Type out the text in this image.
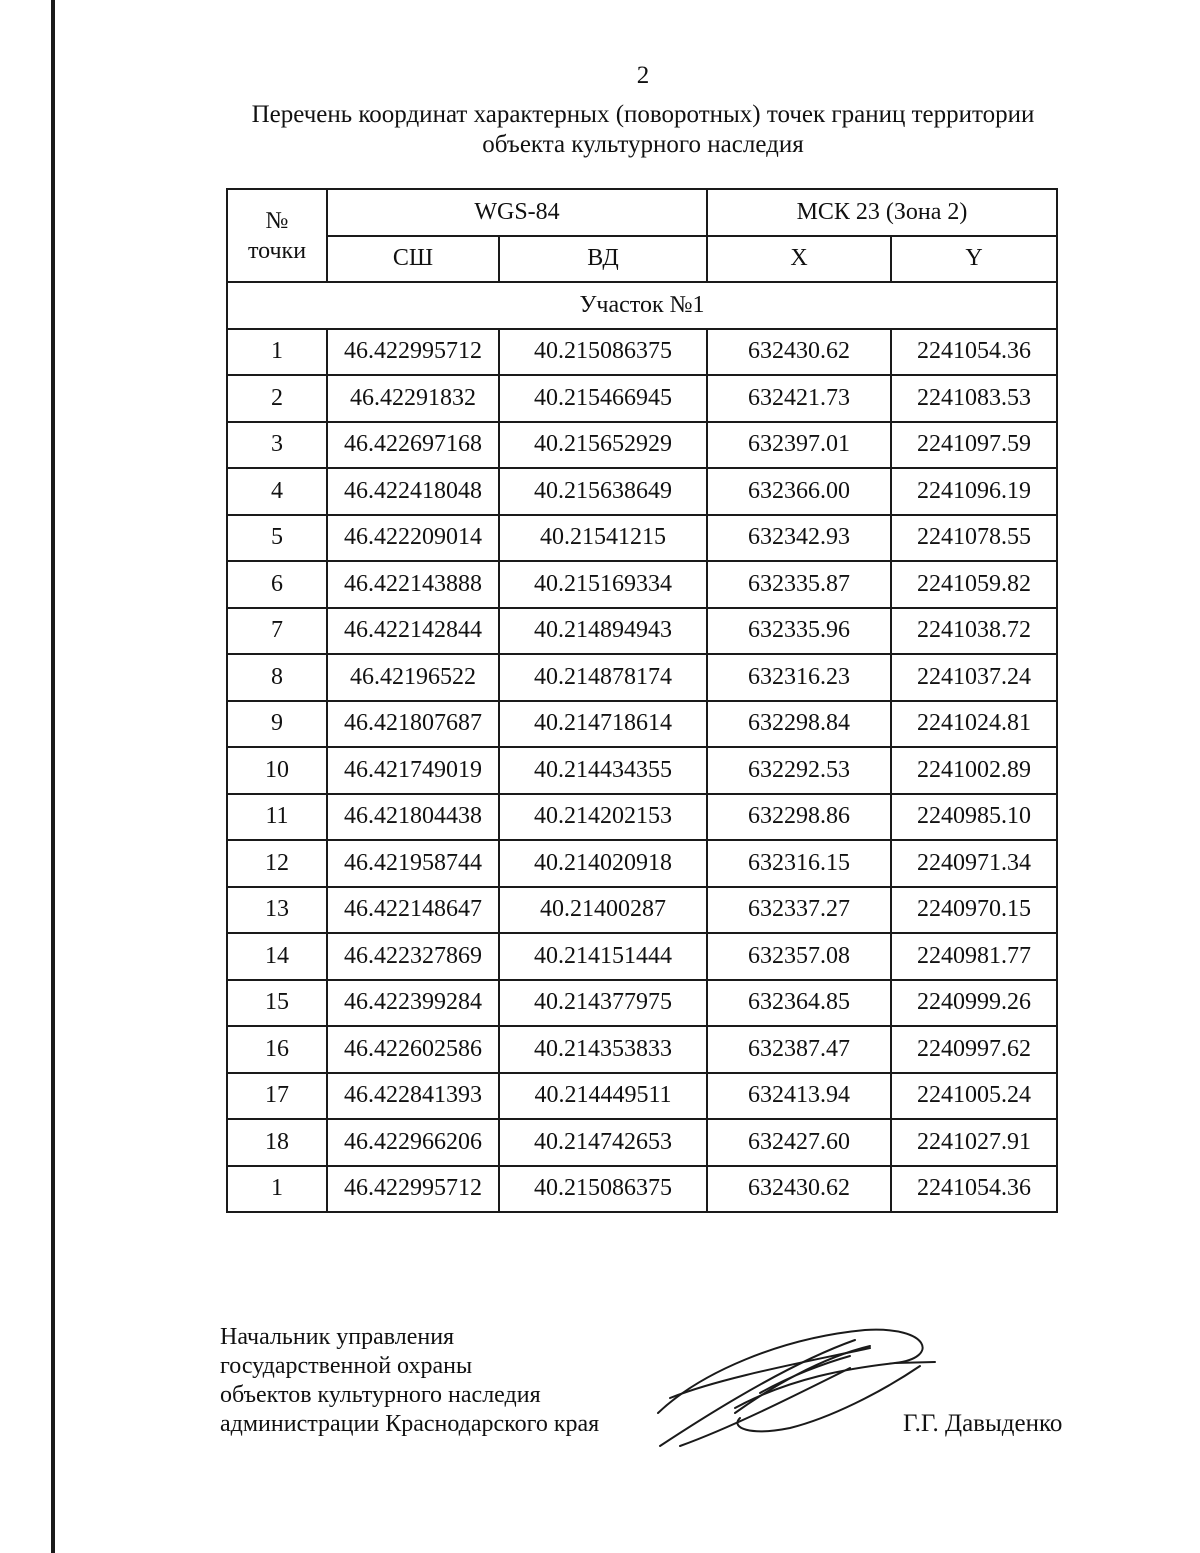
2
Перечень координат характерных (поворотных) точек границ территории
объекта культурного наследия
№
точки	WGS-84		МСК 23 (Зона 2)	
	СШ	ВД	X	Y
Участок №1				
1	46.422995712	40.215086375	632430.62	2241054.36
2	46.42291832	40.215466945	632421.73	2241083.53
3	46.422697168	40.215652929	632397.01	2241097.59
4	46.422418048	40.215638649	632366.00	2241096.19
5	46.422209014	40.21541215	632342.93	2241078.55
6	46.422143888	40.215169334	632335.87	2241059.82
7	46.422142844	40.214894943	632335.96	2241038.72
8	46.42196522	40.214878174	632316.23	2241037.24
9	46.421807687	40.214718614	632298.84	2241024.81
10	46.421749019	40.214434355	632292.53	2241002.89
11	46.421804438	40.214202153	632298.86	2240985.10
12	46.421958744	40.214020918	632316.15	2240971.34
13	46.422148647	40.21400287	632337.27	2240970.15
14	46.422327869	40.214151444	632357.08	2240981.77
15	46.422399284	40.214377975	632364.85	2240999.26
16	46.422602586	40.214353833	632387.47	2240997.62
17	46.422841393	40.214449511	632413.94	2241005.24
18	46.422966206	40.214742653	632427.60	2241027.91
1	46.422995712	40.215086375	632430.62	2241054.36
Начальник управления
государственной охраны
объектов культурного наследия
администрации Краснодарского края	Г.Г. Давыденко
